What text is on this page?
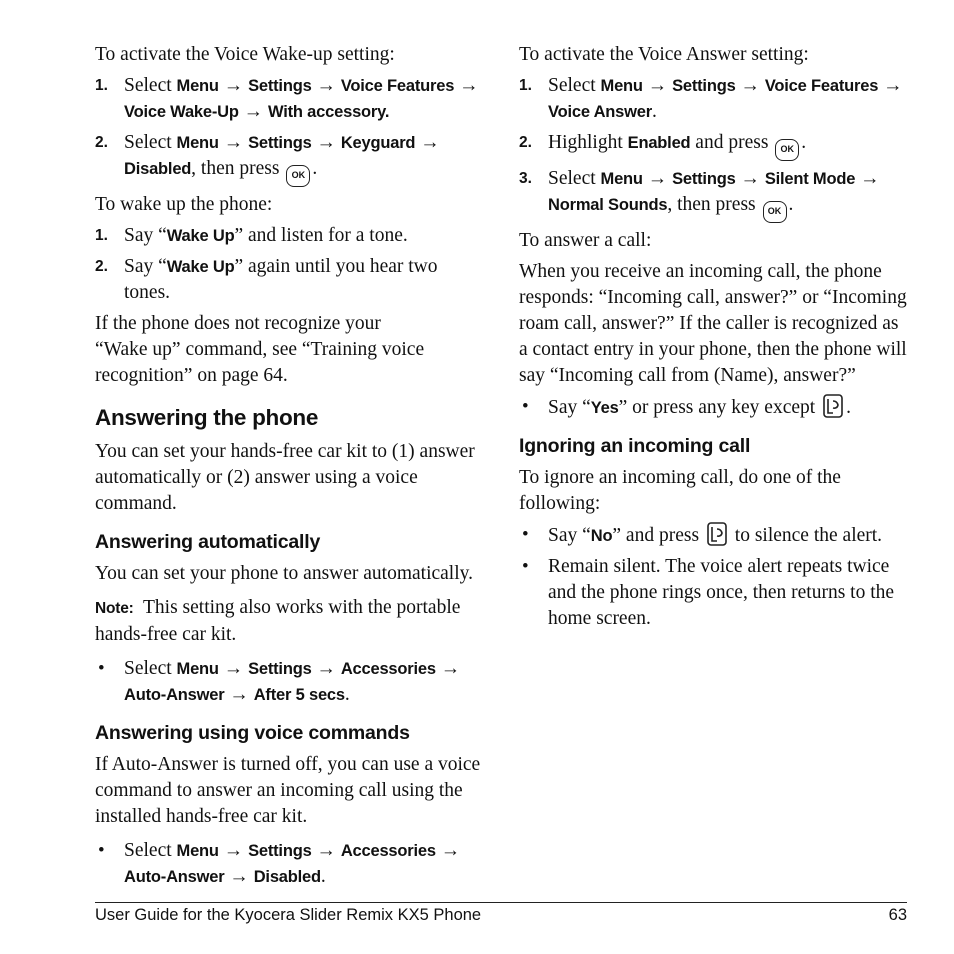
To activate the Voice Wake-up setting:

1. Select Menu → Settings → Voice Features →
Voice Wake-Up → With accessory.
2. Select Menu → Settings → Keyguard →
Disabled, then press OK .

To wake up the phone:

1. Say “Wake Up” and listen for a tone.
2. Say “Wake Up” again until you hear two tones.

If the phone does not recognize your “Wake up” command, see “Training voice recognition” on page 64.

Answering the phone

You can set your hands-free car kit to (1) answer automatically or (2) answer using a voice command.

Answering automatically

You can set your phone to answer automatically.

Note: This setting also works with the portable hands-free car kit.

• Select Menu → Settings → Accessories →
Auto-Answer → After 5 secs.
Answering using voice commands

If Auto-Answer is turned off, you can use a voice command to answer an incoming call using the installed hands-free car kit.

• Select Menu → Settings → Accessories →
Auto-Answer → Disabled.

To activate the Voice Answer setting:

1. Select Menu → Settings → Voice Features →
Voice Answer.
2. Highlight Enabled and press OK .
3. Select Menu → Settings → Silent Mode →
Normal Sounds, then press OK .

To answer a call:

When you receive an incoming call, the phone responds: “Incoming call, answer?” or “Incoming roam call, answer?” If the caller is recognized as a contact entry in your phone, then the phone will say “Incoming call from (Name), answer?”

• Say “Yes” or press any key except .
Ignoring an incoming call

To ignore an incoming call, do one of the following:

• Say “No” and press  to silence the alert.
• Remain silent. The voice alert repeats twice and the phone rings once, then returns to the home screen.
User Guide for the Kyocera Slider Remix KX5 Phone	63
